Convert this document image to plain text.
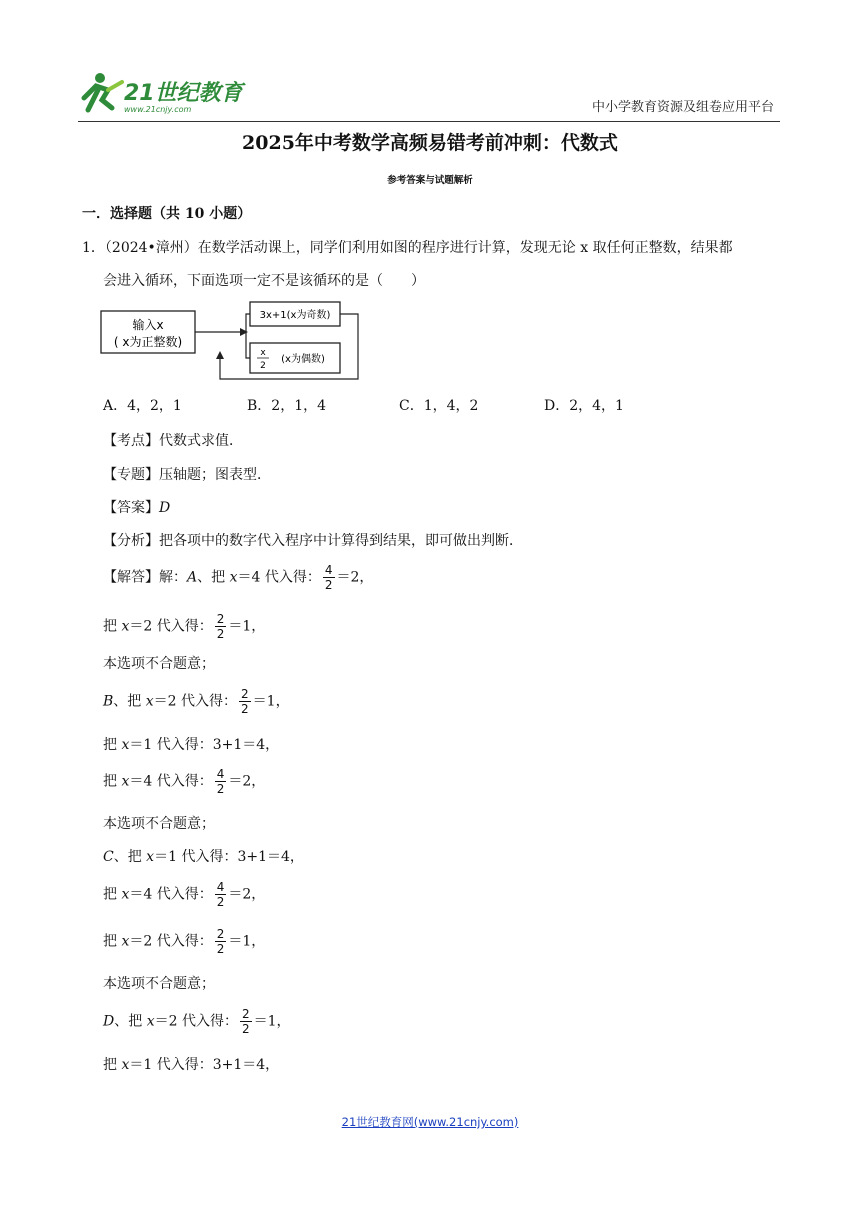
21世纪教育
www.21cnjy.com	中小学教育资源及组卷应用平台
2025年中考数学高频易错考前冲刺：代数式
参考答案与试题解析
一．选择题（共 10 小题）
1．（2024•漳州）在数学活动课上，同学们利用如图的程序进行计算，发现无论 x 取任何正整数，结果都
会进入循环，下面选项一定不是该循环的是（　　）
输入x
( x为正整数)
3x+1(x为奇数)
x
2
(x为偶数)
A．4，2，1	B．2，1，4	C．1，4，2	D．2，4，1
【考点】代数式求值．
【专题】压轴题；图表型．
【答案】D
【分析】把各项中的数字代入程序中计算得到结果，即可做出判断．
【解答】解：A、把 x＝4 代入得： $\frac{4}{2} =2$，
把 x＝2 代入得： $\frac{2}{2} =1$，
本选项不合题意；
B、把 x＝2 代入得： $\frac{2}{2} =1$，
把 x＝1 代入得：3+1＝4，
把 x＝4 代入得： $\frac{4}{2} =2$，
本选项不合题意；
C、把 x＝1 代入得：3+1＝4，
把 x＝4 代入得： $\frac{4}{2} =2$，
把 x＝2 代入得： $\frac{2}{2} =1$，
本选项不合题意；
D、把 x＝2 代入得： $\frac{2}{2} =1$，
把 x＝1 代入得：3+1＝4，
21世纪教育网(www.21cnjy.com)
